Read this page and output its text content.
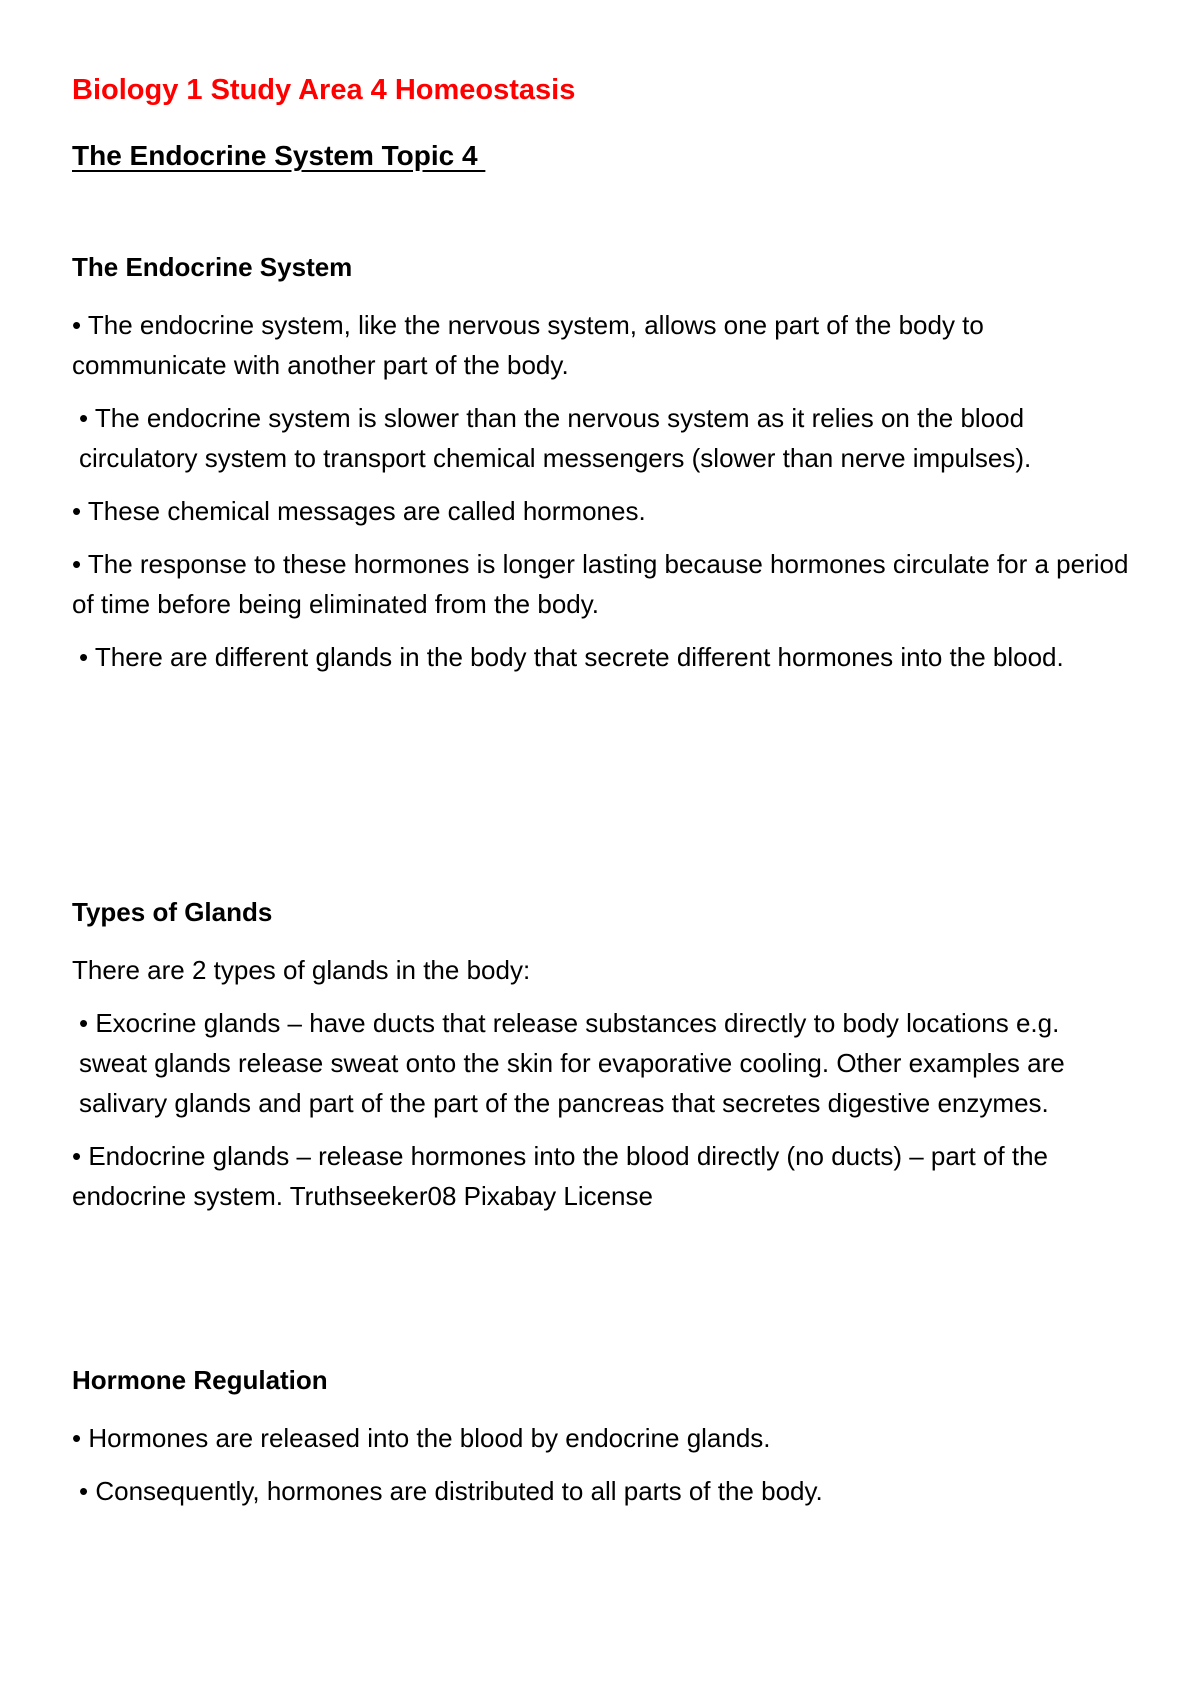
Biology 1 Study Area 4 Homeostasis
The Endocrine System Topic 4
The Endocrine System

• The endocrine system, like the nervous system, allows one part of the body to communicate with another part of the body.

• The endocrine system is slower than the nervous system as it relies on the blood circulatory system to transport chemical messengers (slower than nerve impulses).

• These chemical messages are called hormones.

• The response to these hormones is longer lasting because hormones circulate for a period of time before being eliminated from the body.

• There are different glands in the body that secrete different hormones into the blood.

Types of Glands

There are 2 types of glands in the body:

• Exocrine glands – have ducts that release substances directly to body locations e.g. sweat glands release sweat onto the skin for evaporative cooling. Other examples are salivary glands and part of the part of the pancreas that secretes digestive enzymes.

• Endocrine glands – release hormones into the blood directly (no ducts) – part of the endocrine system. Truthseeker08 Pixabay License

Hormone Regulation

• Hormones are released into the blood by endocrine glands.

• Consequently, hormones are distributed to all parts of the body.
